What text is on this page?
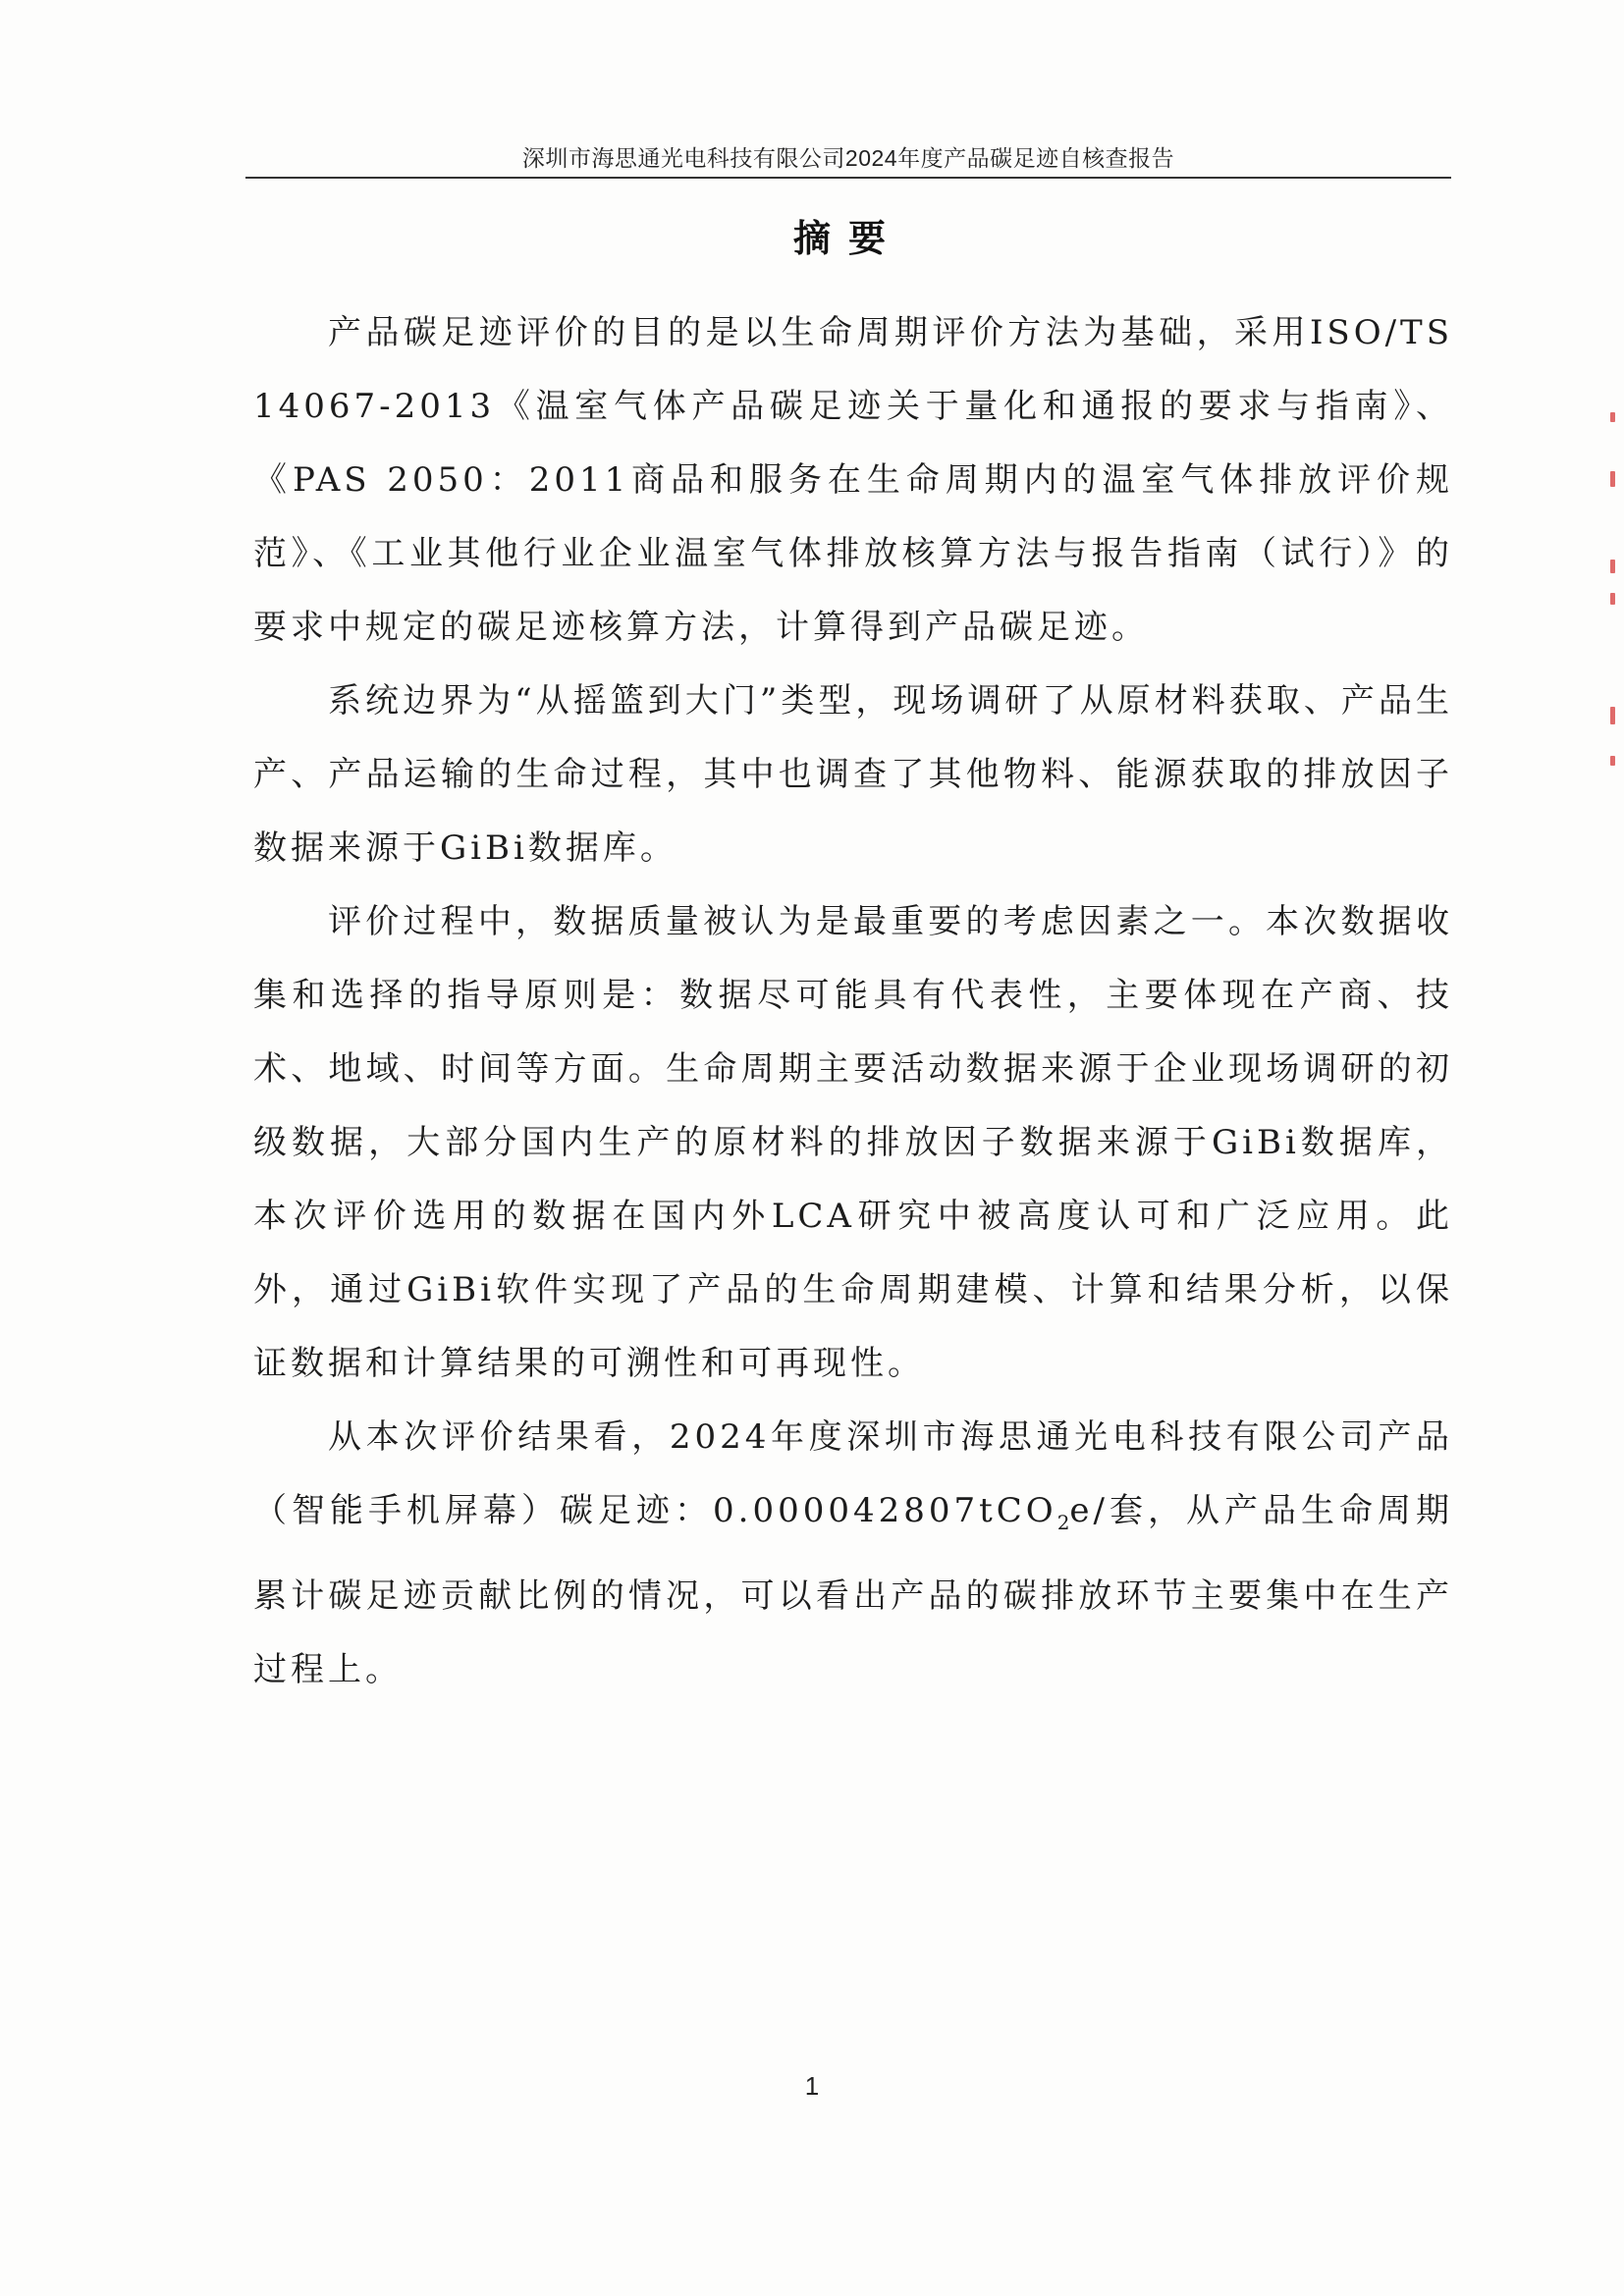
深圳市海思通光电科技有限公司2024年度产品碳足迹自核查报告
摘要

产品碳足迹评价的目的是以生命周期评价方法为基础，采用ISO/TS 14067-2013《温室气体产品碳足迹关于量化和通报的要求与指南》、《PAS 2050：2011商品和服务在生命周期内的温室气体排放评价规范》、《工业其他行业企业温室气体排放核算方法与报告指南（试行）》的要求中规定的碳足迹核算方法，计算得到产品碳足迹。

系统边界为“从摇篮到大门”类型，现场调研了从原材料获取、产品生产、产品运输的生命过程，其中也调查了其他物料、能源获取的排放因子数据来源于GiBi数据库。

评价过程中，数据质量被认为是最重要的考虑因素之一。本次数据收集和选择的指导原则是：数据尽可能具有代表性，主要体现在产商、技术、地域、时间等方面。生命周期主要活动数据来源于企业现场调研的初级数据，大部分国内生产的原材料的排放因子数据来源于GiBi数据库，本次评价选用的数据在国内外LCA研究中被高度认可和广泛应用。此外，通过GiBi软件实现了产品的生命周期建模、计算和结果分析，以保证数据和计算结果的可溯性和可再现性。

从本次评价结果看，2024年度深圳市海思通光电科技有限公司产品（智能手机屏幕）碳足迹：0.000042807tCO$_2$e/套，从产品生命周期累计碳足迹贡献比例的情况，可以看出产品的碳排放环节主要集中在生产过程上。

1
